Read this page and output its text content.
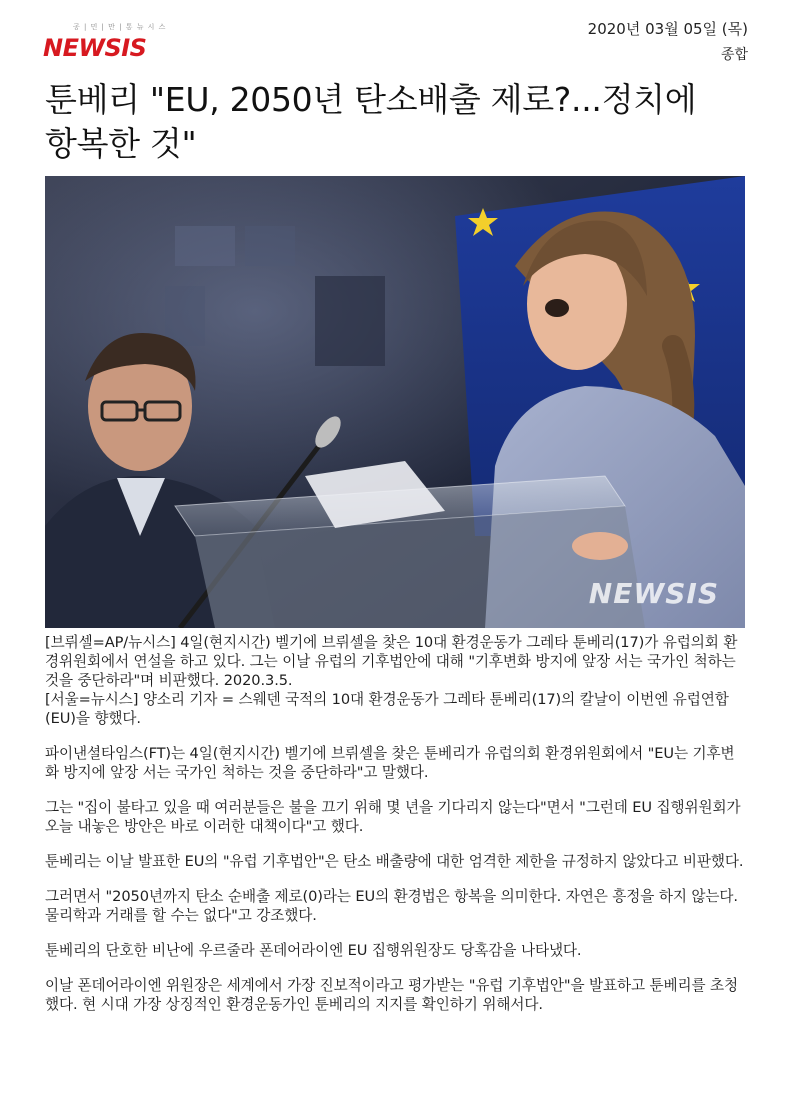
공 | 민 | 만 | 통 뉴 시 스
NEWSIS
2020년 03월 05일 (목)
종합
툰베리 "EU, 2050년 탄소배출 제로?...정치에
항복한 것"
NEWSIS

[브뤼셀=AP/뉴시스] 4일(현지시간) 벨기에 브뤼셀을 찾은 10대 환경운동가 그레타 툰베리(17)가 유럽의회 환경위원회에서 연설을 하고 있다. 그는 이날 유럽의 기후법안에 대해 "기후변화 방지에 앞장 서는 국가인 척하는 것을 중단하라"며 비판했다. 2020.3.5.

[서울=뉴시스] 양소리 기자 = 스웨덴 국적의 10대 환경운동가 그레타 툰베리(17)의 칼날이 이번엔 유럽연합(EU)을 향했다.

파이낸셜타임스(FT)는 4일(현지시간) 벨기에 브뤼셀을 찾은 툰베리가 유럽의회 환경위원회에서 "EU는 기후변화 방지에 앞장 서는 국가인 척하는 것을 중단하라"고 말했다.

그는 "집이 불타고 있을 때 여러분들은 불을 끄기 위해 몇 년을 기다리지 않는다"면서 "그런데 EU 집행위원회가 오늘 내놓은 방안은 바로 이러한 대책이다"고 했다.

툰베리는 이날 발표한 EU의 "유럽 기후법안"은 탄소 배출량에 대한 엄격한 제한을 규정하지 않았다고 비판했다.

그러면서 "2050년까지 탄소 순배출 제로(0)라는 EU의 환경법은 항복을 의미한다. 자연은 흥정을 하지 않는다. 물리학과 거래를 할 수는 없다"고 강조했다.

툰베리의 단호한 비난에 우르줄라 폰데어라이엔 EU 집행위원장도 당혹감을 나타냈다.

이날 폰데어라이엔 위원장은 세계에서 가장 진보적이라고 평가받는 "유럽 기후법안"을 발표하고 툰베리를 초청했다. 현 시대 가장 상징적인 환경운동가인 툰베리의 지지를 확인하기 위해서다.
